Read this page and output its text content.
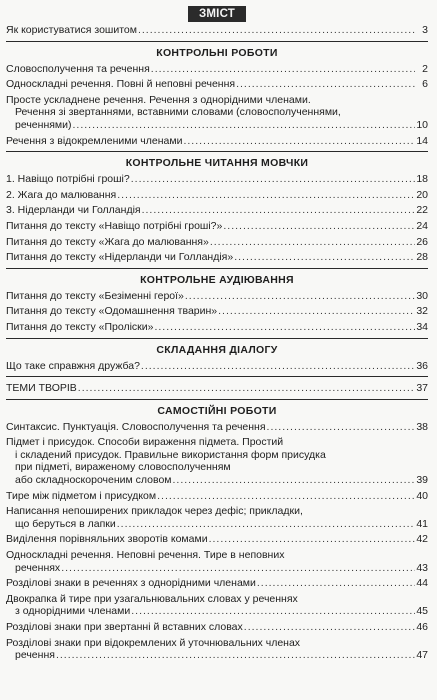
ЗМІСТ
Як користуватися зошитом .....	3
КОНТРОЛЬНІ РОБОТИ
Словосполучення та речення .....	2
Односкладні речення. Повні й неповні речення .....	6
Просте ускладнене речення. Речення з однорідними членами.
Речення зі звертаннями, вставними словами (словосполученнями,
реченнями) .....	10
Речення з відокремленими членами .....	14
КОНТРОЛЬНЕ ЧИТАННЯ МОВЧКИ
1. Навіщо потрібні гроші? .....	18
2. Жага до малювання .....	20
3. Нідерланди чи Голландія .....	22
Питання до тексту «Навіщо потрібні гроші?» .....	24
Питання до тексту «Жага до малювання» .....	26
Питання до тексту «Нідерланди чи Голландія» .....	28
КОНТРОЛЬНЕ АУДІЮВАННЯ
Питання до тексту «Безіменні герої» .....	30
Питання до тексту «Одомашнення тварин» .....	32
Питання до тексту «Проліски» .....	34
СКЛАДАННЯ ДІАЛОГУ
Що таке справжня дружба? .....	36
ТЕМИ ТВОРІВ .....	37
САМОСТІЙНІ РОБОТИ
Синтаксис. Пунктуація. Словосполучення та речення .....	38
Підмет і присудок. Способи вираження підмета. Простий
і складений присудок. Правильне використання форм присудка
при підметі, вираженому словосполученням
або складноскороченим словом .....	39
Тире між підметом і присудком .....	40
Написання непоширених прикладок через дефіс; прикладки,
що беруться в лапки .....	41
Виділення порівняльних зворотів комами .....	42
Односкладні речення. Неповні речення. Тире в неповних
реченнях .....	43
Розділові знаки в реченнях з однорідними членами .....	44
Двокрапка й тире при узагальнювальних словах у реченнях
з однорідними членами .....	45
Розділові знаки при звертанні й вставних словах .....	46
Розділові знаки при відокремлених й уточнювальних членах
речення .....	47
